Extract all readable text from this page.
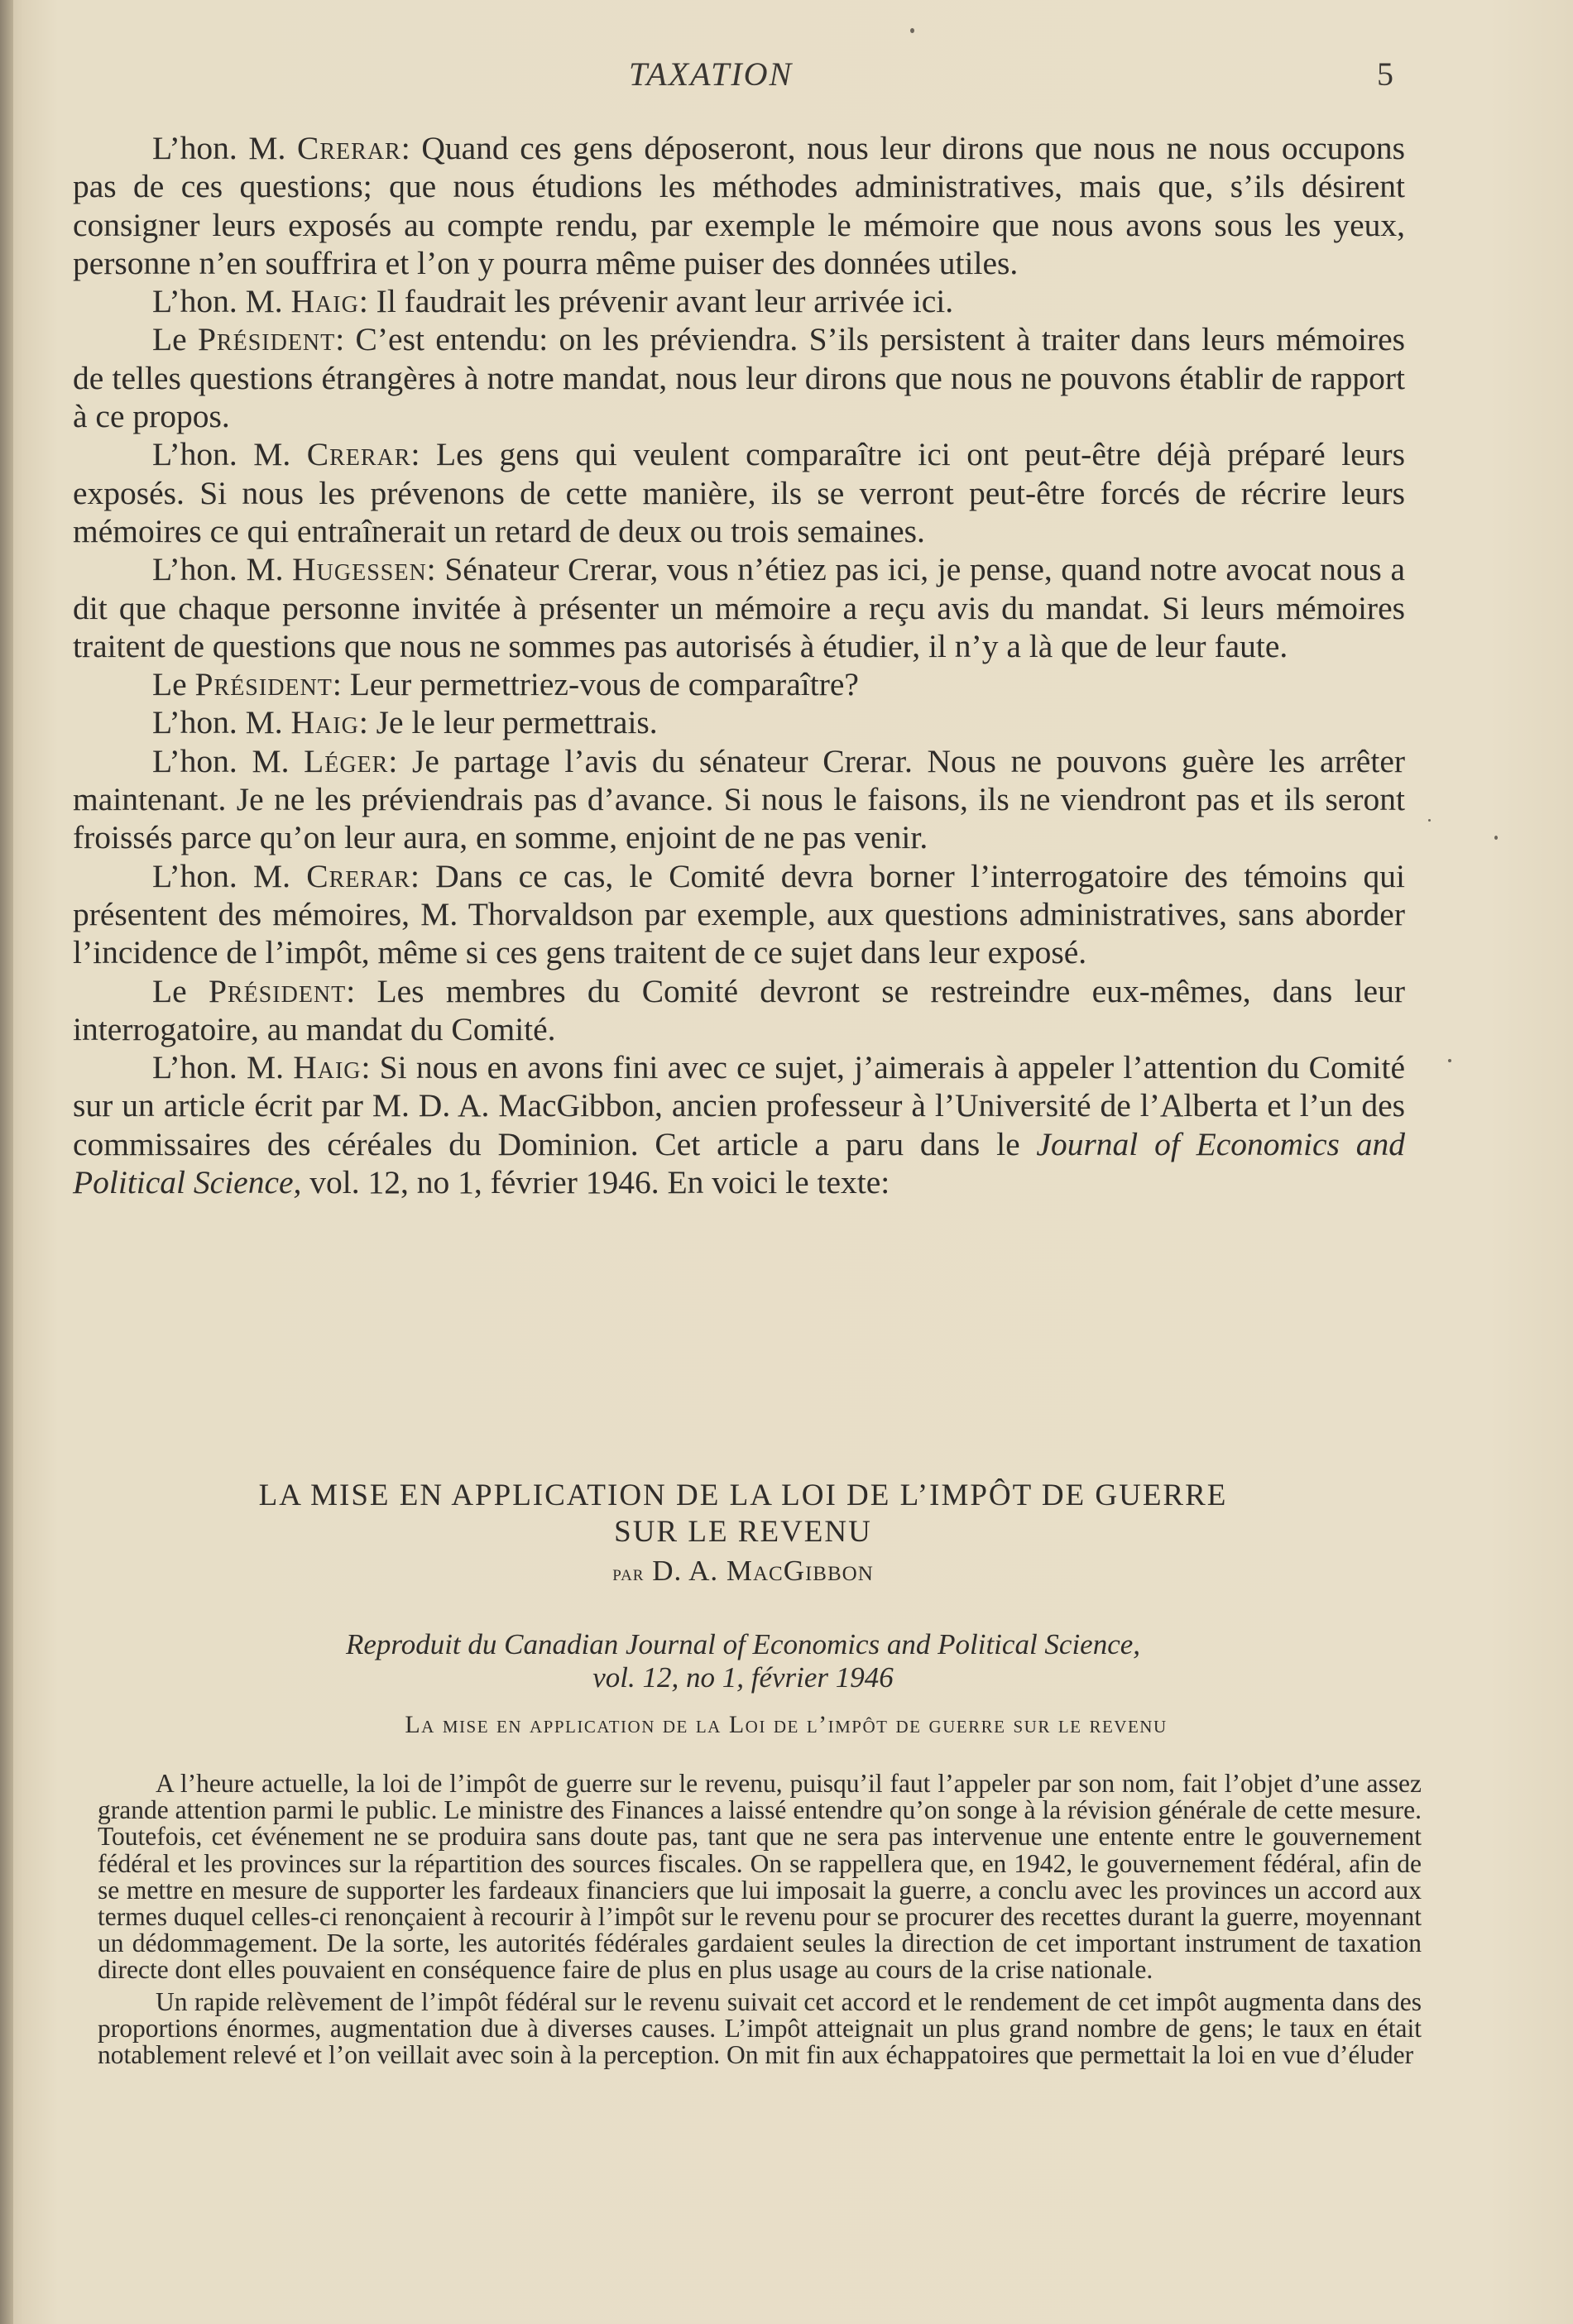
TAXATION	5

L’hon. M. Crerar: Quand ces gens déposeront, nous leur dirons que nous ne nous occupons pas de ces questions; que nous étudions les méthodes administratives, mais que, s’ils désirent consigner leurs exposés au compte rendu, par exemple le mémoire que nous avons sous les yeux, personne n’en souffrira et l’on y pourra même puiser des données utiles.

L’hon. M. Haig: Il faudrait les prévenir avant leur arrivée ici.

Le Président: C’est entendu: on les préviendra. S’ils persistent à traiter dans leurs mémoires de telles questions étrangères à notre mandat, nous leur dirons que nous ne pouvons établir de rapport à ce propos.

L’hon. M. Crerar: Les gens qui veulent comparaître ici ont peut-être déjà préparé leurs exposés. Si nous les prévenons de cette manière, ils se verront peut-être forcés de récrire leurs mémoires ce qui entraînerait un retard de deux ou trois semaines.

L’hon. M. Hugessen: Sénateur Crerar, vous n’étiez pas ici, je pense, quand notre avocat nous a dit que chaque personne invitée à présenter un mémoire a reçu avis du mandat. Si leurs mémoires traitent de questions que nous ne sommes pas autorisés à étudier, il n’y a là que de leur faute.

Le Président: Leur permettriez-vous de comparaître?

L’hon. M. Haig: Je le leur permettrais.

L’hon. M. Léger: Je partage l’avis du sénateur Crerar. Nous ne pouvons guère les arrêter maintenant. Je ne les préviendrais pas d’avance. Si nous le faisons, ils ne viendront pas et ils seront froissés parce qu’on leur aura, en somme, enjoint de ne pas venir.

L’hon. M. Crerar: Dans ce cas, le Comité devra borner l’interrogatoire des témoins qui présentent des mémoires, M. Thorvaldson par exemple, aux questions administratives, sans aborder l’incidence de l’impôt, même si ces gens traitent de ce sujet dans leur exposé.

Le Président: Les membres du Comité devront se restreindre eux-mêmes, dans leur interrogatoire, au mandat du Comité.

L’hon. M. Haig: Si nous en avons fini avec ce sujet, j’aimerais à appeler l’attention du Comité sur un article écrit par M. D. A. MacGibbon, ancien professeur à l’Université de l’Alberta et l’un des commissaires des céréales du Dominion. Cet article a paru dans le Journal of Economics and Political Science, vol. 12, no 1, février 1946. En voici le texte:

LA MISE EN APPLICATION DE LA LOI DE L’IMPÔT DE GUERRE
SUR LE REVENU

par D. A. MacGibbon

Reproduit du Canadian Journal of Economics and Political Science,
vol. 12, no 1, février 1946

La mise en application de la Loi de l’impôt de guerre sur le revenu

A l’heure actuelle, la loi de l’impôt de guerre sur le revenu, puisqu’il faut l’appeler par son nom, fait l’objet d’une assez grande attention parmi le public. Le ministre des Finances a laissé entendre qu’on songe à la révision générale de cette mesure. Toutefois, cet événement ne se produira sans doute pas, tant que ne sera pas intervenue une entente entre le gouvernement fédéral et les provinces sur la répartition des sources fiscales. On se rappellera que, en 1942, le gouvernement fédéral, afin de se mettre en mesure de supporter les fardeaux financiers que lui imposait la guerre, a conclu avec les provinces un accord aux termes duquel celles-ci renonçaient à recourir à l’impôt sur le revenu pour se procurer des recettes durant la guerre, moyennant un dédommagement. De la sorte, les autorités fédérales gardaient seules la direction de cet important instrument de taxation directe dont elles pouvaient en conséquence faire de plus en plus usage au cours de la crise nationale.

Un rapide relèvement de l’impôt fédéral sur le revenu suivait cet accord et le rendement de cet impôt augmenta dans des proportions énormes, augmentation due à diverses causes. L’impôt atteignait un plus grand nombre de gens; le taux en était notablement relevé et l’on veillait avec soin à la perception. On mit fin aux échappatoires que permettait la loi en vue d’éluder
